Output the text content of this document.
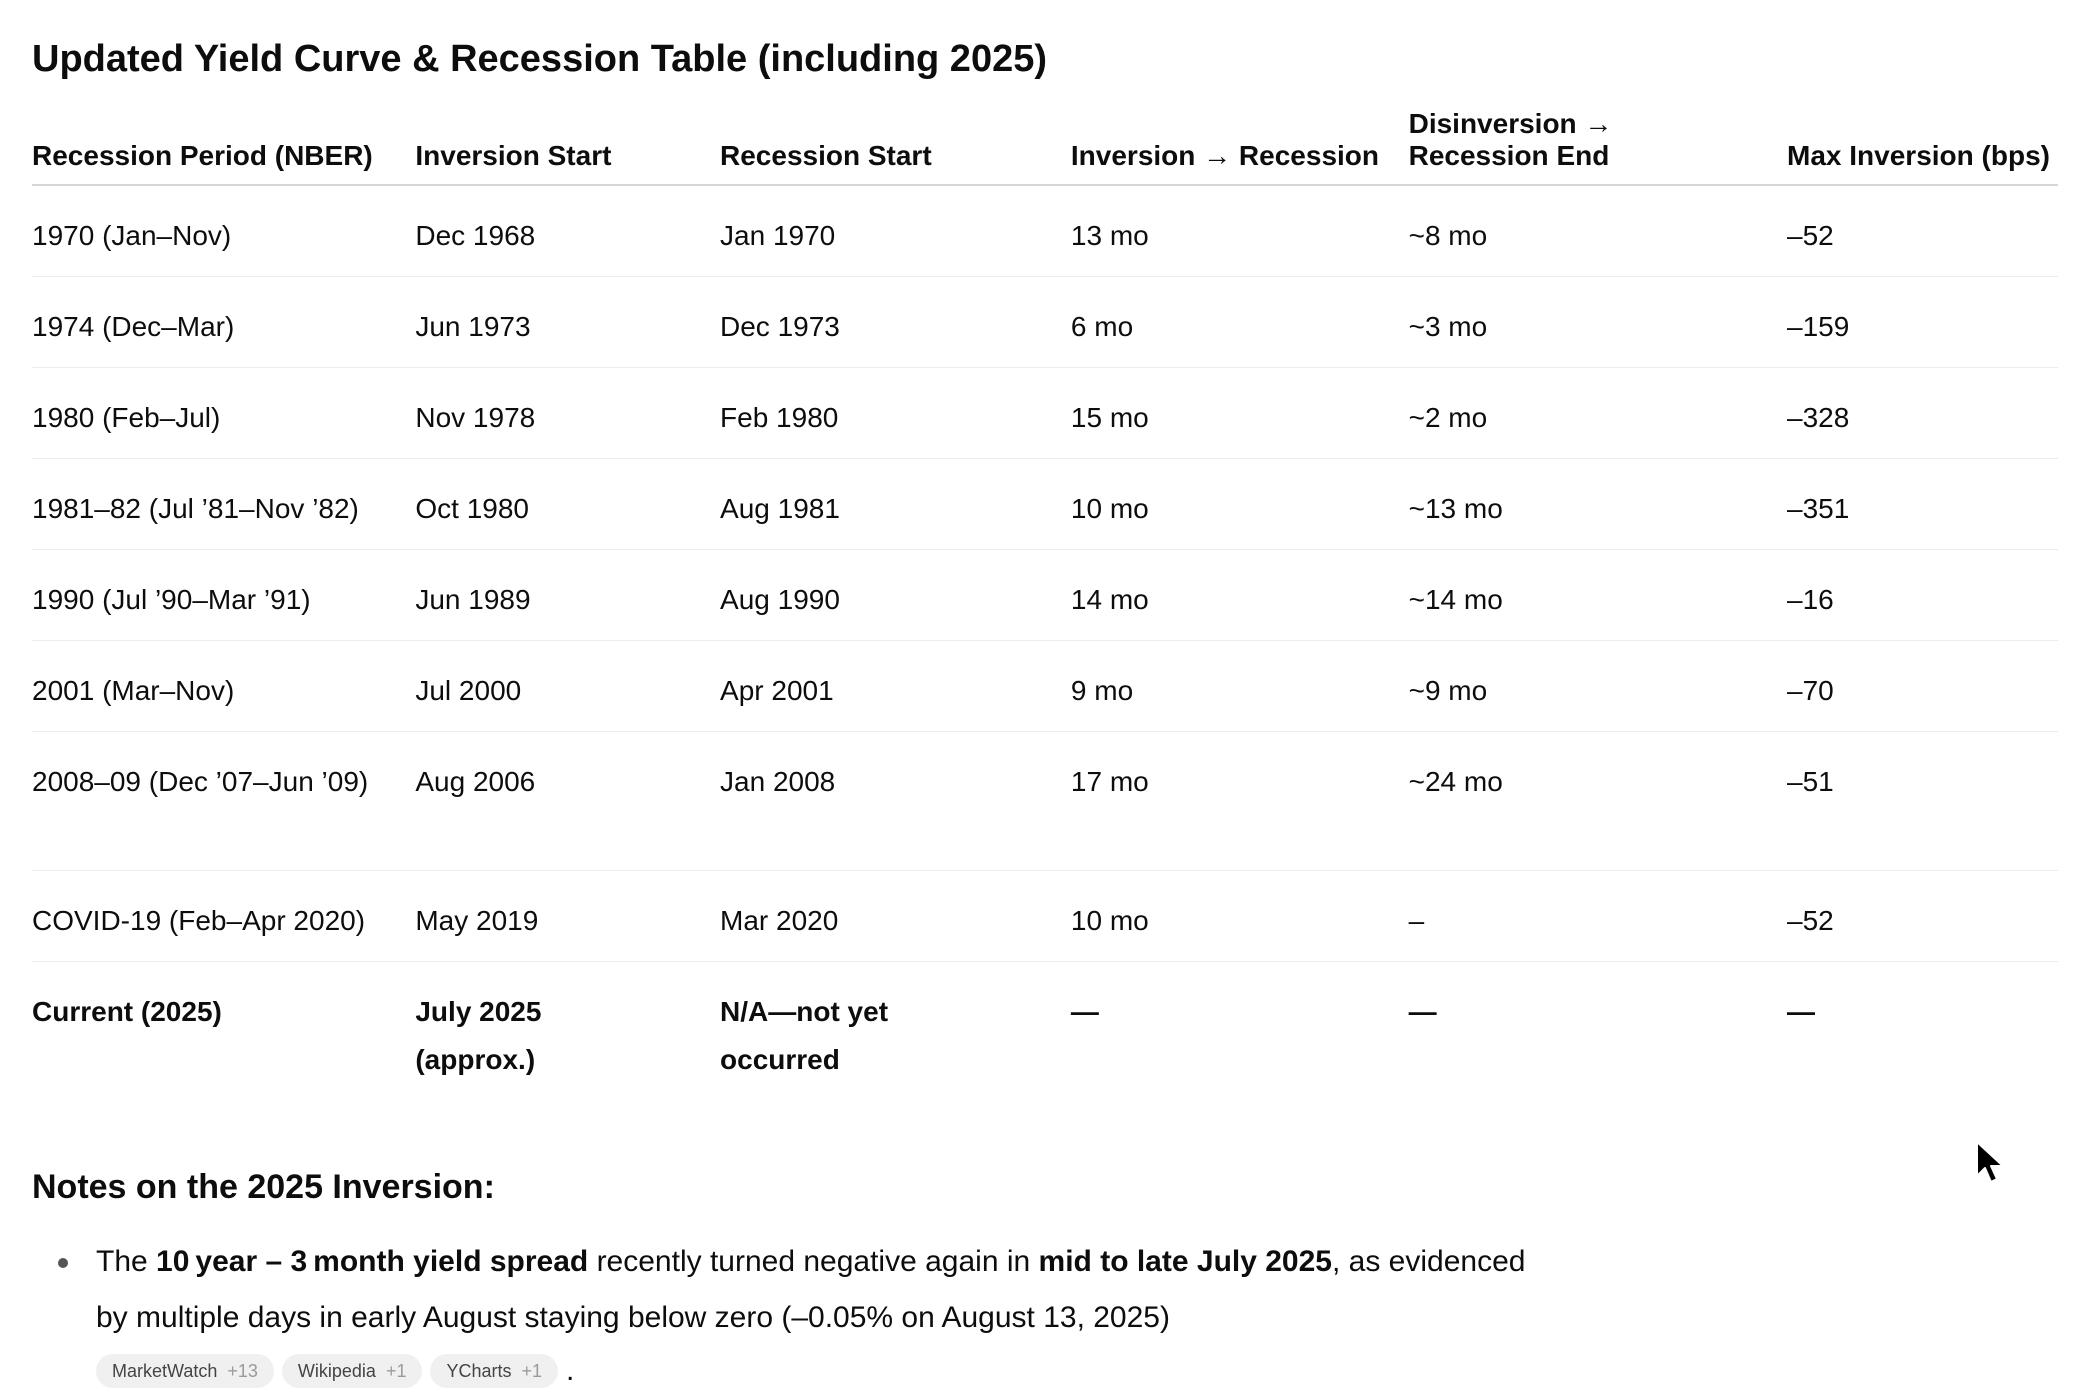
Updated Yield Curve & Recession Table (including 2025)
Recession Period (NBER)	Inversion Start	Recession Start	Inversion → Recession	Disinversion → Recession End	Max Inversion (bps)
1970 (Jan–Nov)	Dec 1968	Jan 1970	13 mo	~8 mo	–52
1974 (Dec–Mar)	Jun 1973	Dec 1973	6 mo	~3 mo	–159
1980 (Feb–Jul)	Nov 1978	Feb 1980	15 mo	~2 mo	–328
1981–82 (Jul ’81–Nov ’82)	Oct 1980	Aug 1981	10 mo	~13 mo	–351
1990 (Jul ’90–Mar ’91)	Jun 1989	Aug 1990	14 mo	~14 mo	–16
2001 (Mar–Nov)	Jul 2000	Apr 2001	9 mo	~9 mo	–70
2008–09 (Dec ’07–Jun ’09)	Aug 2006	Jan 2008	17 mo	~24 mo	–51
COVID-19 (Feb–Apr 2020)	May 2019	Mar 2020	10 mo	–	–52
Current (2025)	July 2025 (approx.)	N/A—not yet occurred	—	—	—
Notes on the 2025 Inversion:
The 10 year – 3 month yield spread recently turned negative again in mid to late July 2025, as evidenced by multiple days in early August staying below zero (–0.05% on August 13, 2025)
MarketWatch +13 Wikipedia +1 YCharts +1 .
